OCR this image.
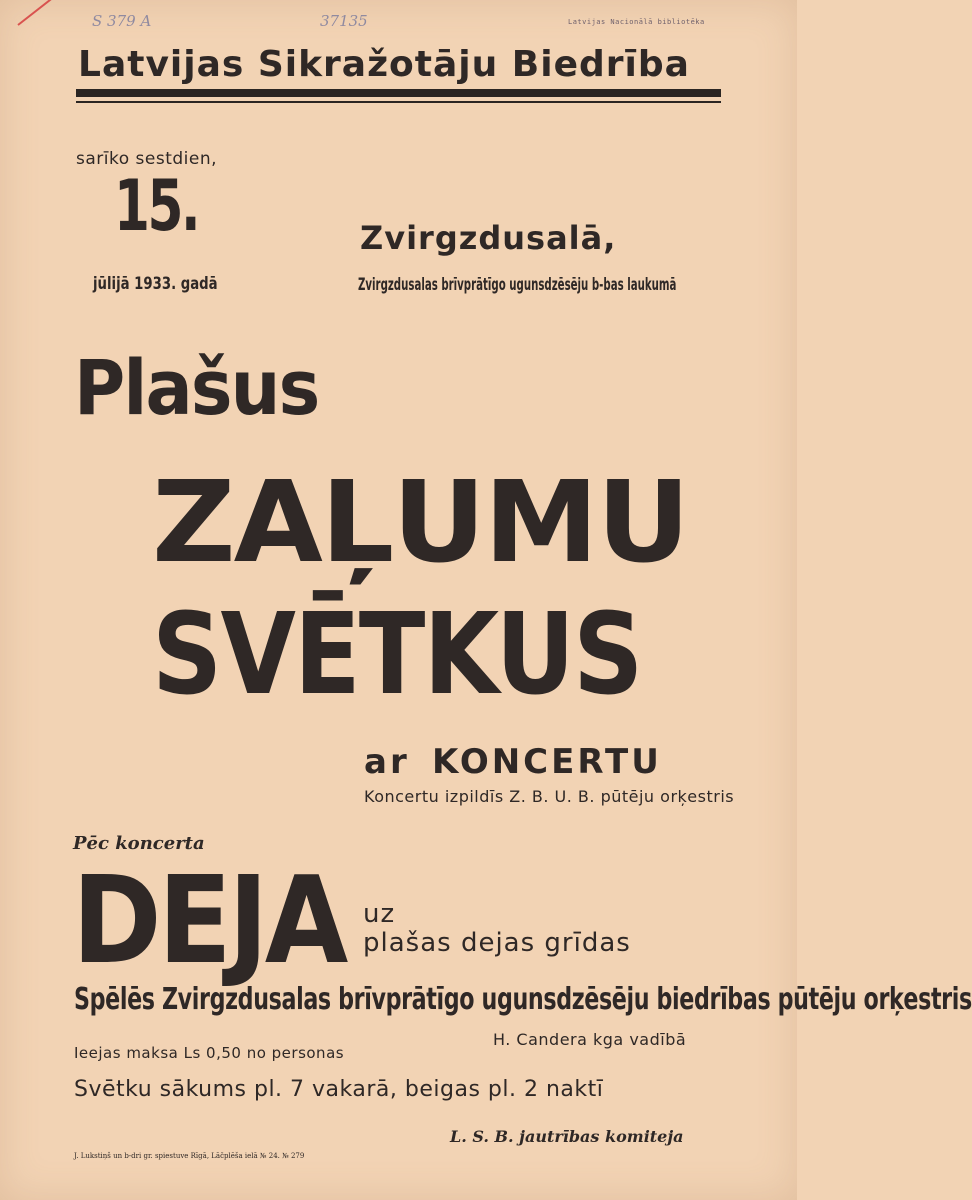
S 379 A	37135	Latvijas Nacionālā bibliotēka
Latvijas Sikražotāju Biedrība
sarīko sestdien,
15.
jūlijā 1933. gadā
Zvirgzdusalā,
Zvirgzdusalas brīvprātīgo ugunsdzēsēju b-bas laukumā
Plašus
ZAĻUMU
SVĒTKUS
ar KONCERTU
Koncertu izpildīs Z. B. U. B. pūtēju orķestris
Pēc koncerta
DEJA uz
plašas dejas grīdas
Spēlēs Zvirgzdusalas brīvprātīgo ugunsdzēsēju biedrības pūtēju orķestris
H. Candera kga vadībā
Ieejas maksa Ls 0,50 no personas
Svētku sākums pl. 7 vakarā, beigas pl. 2 naktī
L. S. B. jautrības komiteja
J. Lukstiņš un b-dri gr. spiestuve Rīgā, Lāčplēša ielā № 24. № 279
